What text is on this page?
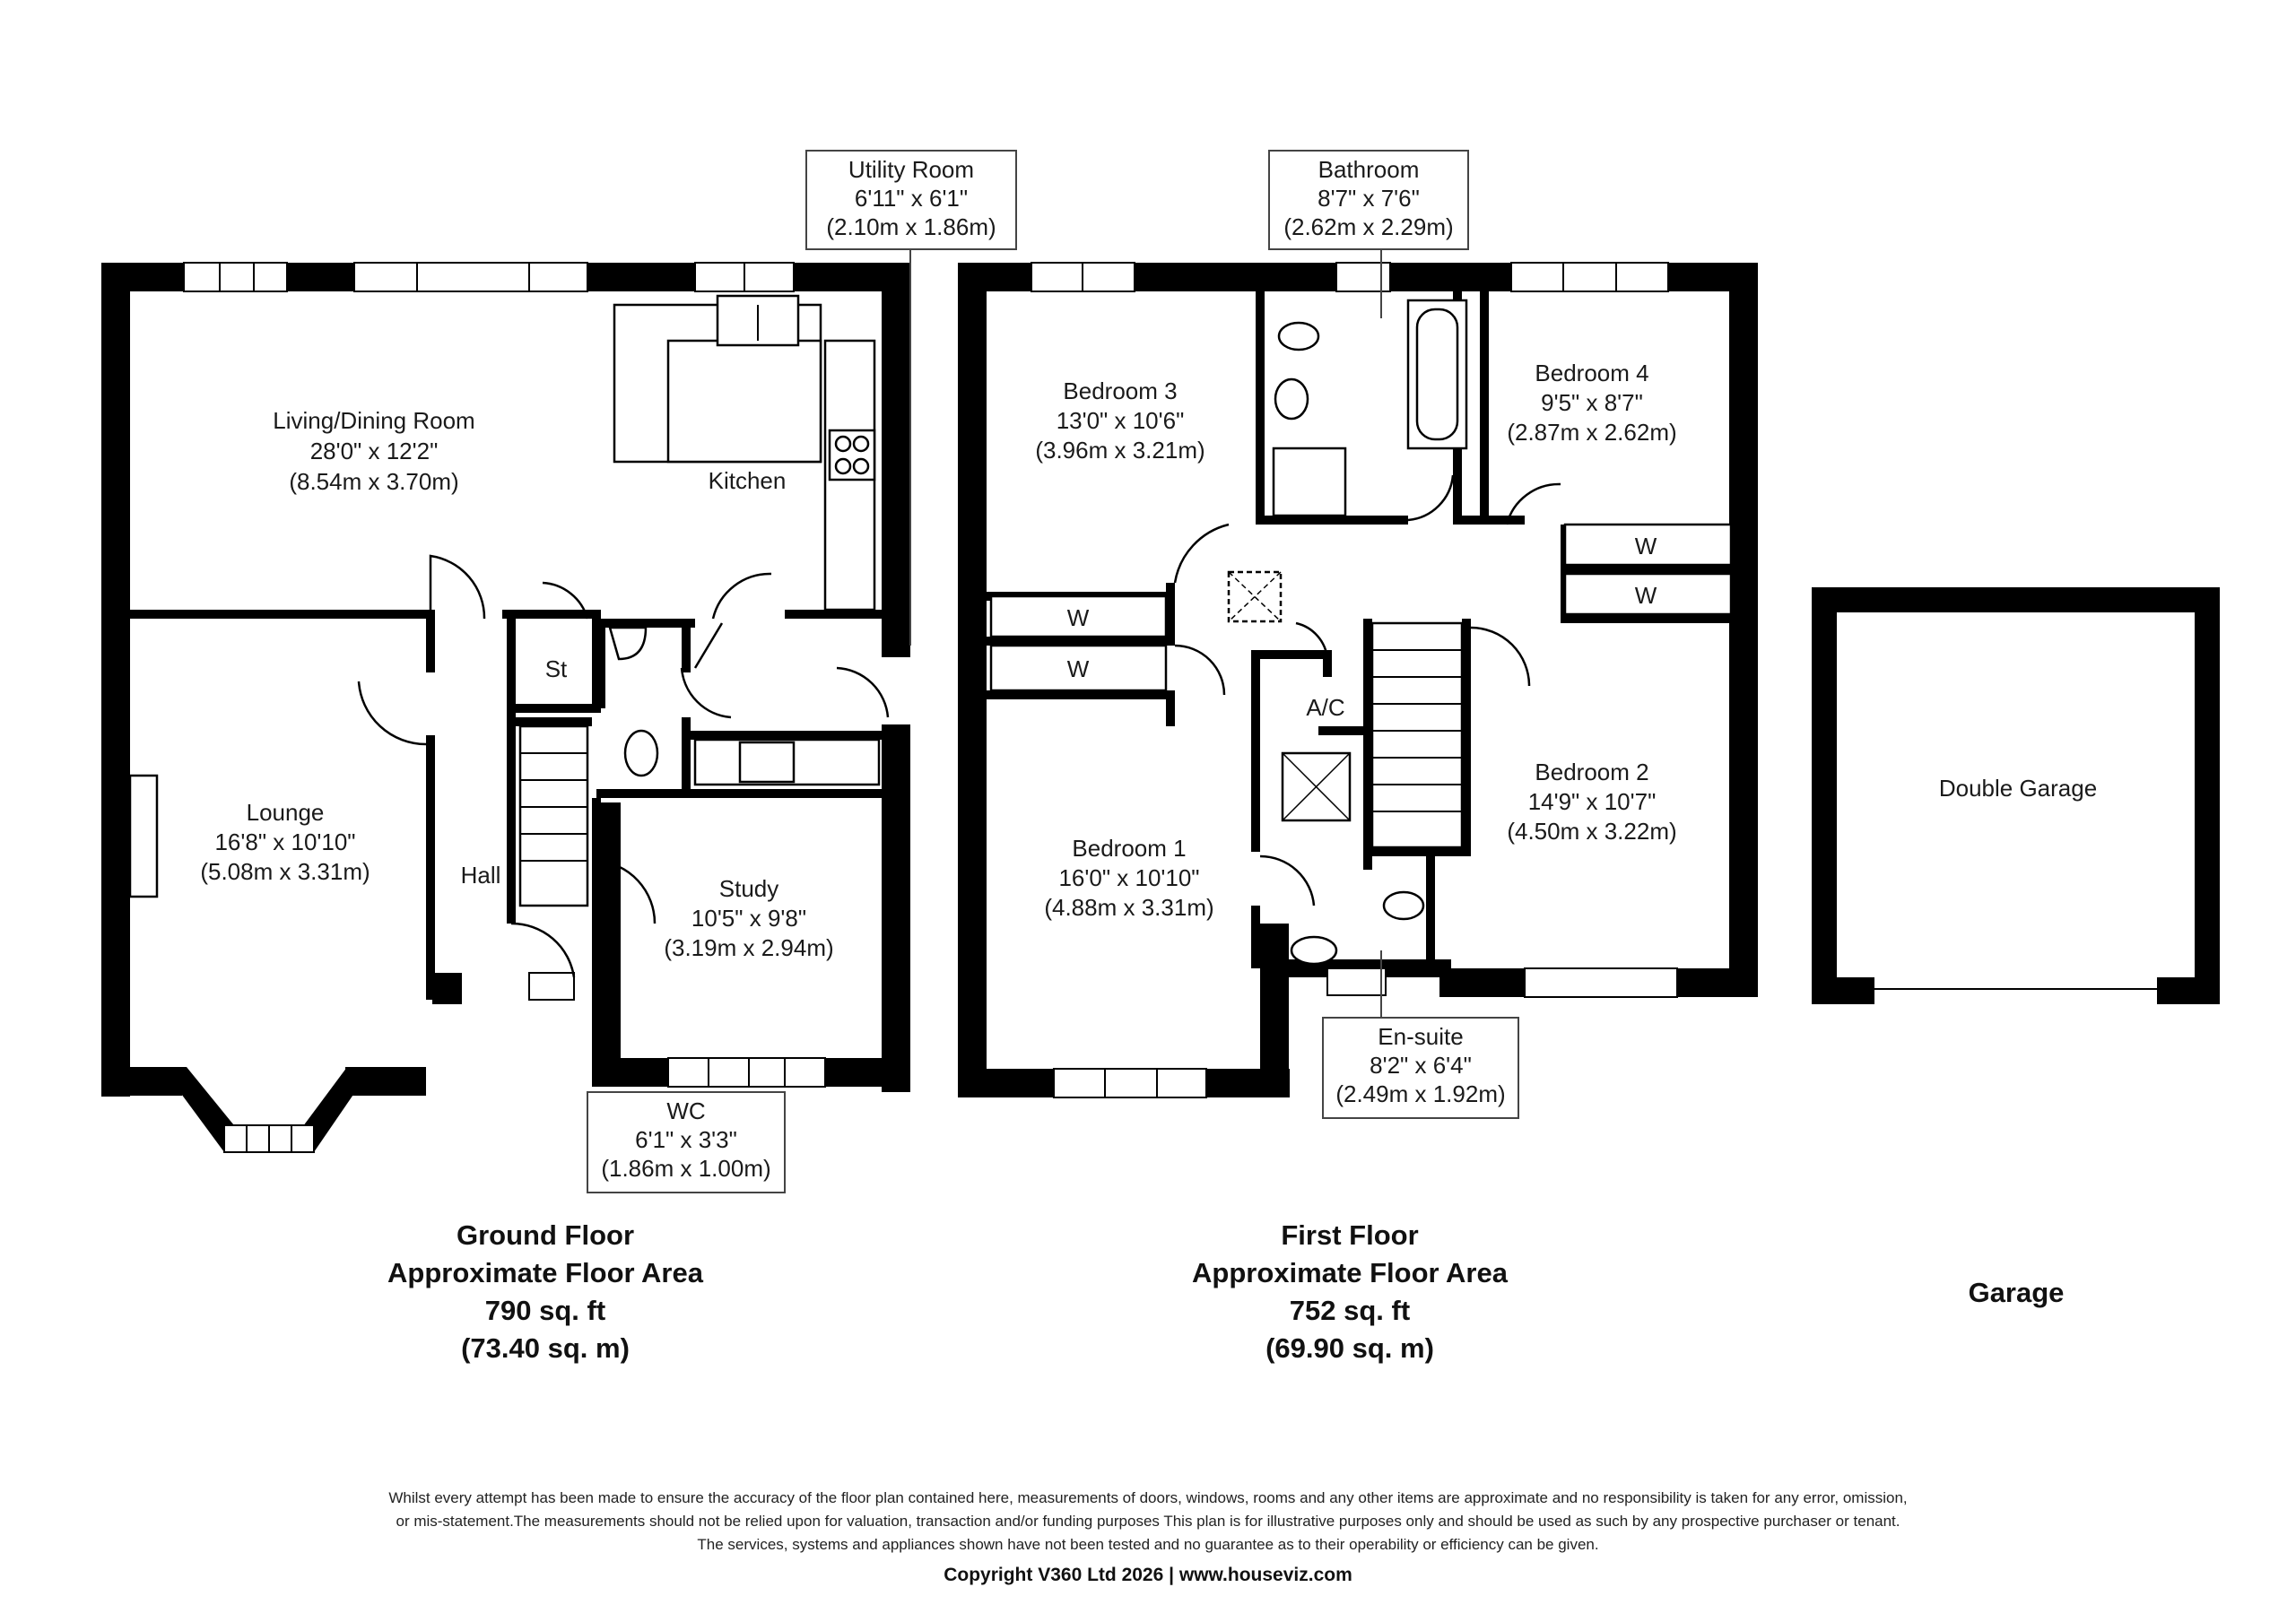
Utility Room
6'11" x 6'1"
(2.10m x 1.86m)
Bathroom
8'7" x 7'6"
(2.62m x 2.29m)
WC
6'1" x 3'3"
(1.86m x 1.00m)
En-suite
8'2" x 6'4"
(2.49m x 1.92m)
Living/Dining Room
28'0" x 12'2"
(8.54m x 3.70m)	Kitchen
Lounge
16'8" x 10'10"
(5.08m x 3.31m)	Hall
St
Study
10'5" x 9'8"
(3.19m x 2.94m)
Bedroom 3
13'0" x 10'6"
(3.96m x 3.21m)
Bedroom 4
9'5" x 8'7"
(2.87m x 2.62m)
Bedroom 1
16'0" x 10'10"
(4.88m x 3.31m)
Bedroom 2
14'9" x 10'7"
(4.50m x 3.22m)
A/C
W
W
W
W
Double Garage
Ground Floor
Approximate Floor Area
790 sq. ft
(73.40 sq. m)
First Floor
Approximate Floor Area
752 sq. ft
(69.90 sq. m)
Garage
Whilst every attempt has been made to ensure the accuracy of the floor plan contained here, measurements of doors, windows, rooms and any other items are approximate and no responsibility is taken for any error, omission,
or mis-statement.The measurements should not be relied upon for valuation, transaction and/or funding purposes This plan is for illustrative purposes only and should be used as such by any prospective purchaser or tenant.
The services, systems and appliances shown have not been tested and no guarantee as to their operability or efficiency can be given.
Copyright V360 Ltd 2026 | www.houseviz.com
